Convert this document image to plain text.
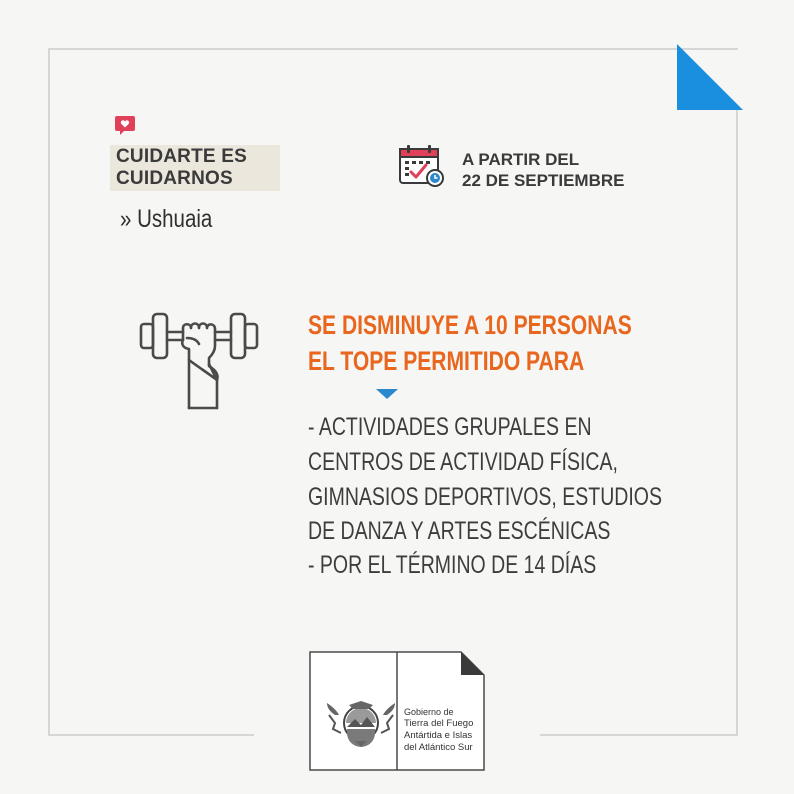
CUIDARTE ES
CUIDARNOS
» Ushuaia
A PARTIR DEL
22 DE SEPTIEMBRE
SE DISMINUYE A 10 PERSONAS
EL TOPE PERMITIDO PARA
- ACTIVIDADES GRUPALES EN
CENTROS DE ACTIVIDAD FÍSICA,
GIMNASIOS DEPORTIVOS, ESTUDIOS
DE DANZA Y ARTES ESCÉNICAS
- POR EL TÉRMINO DE 14 DÍAS
Gobierno de
Tierra del Fuego
Antártida e Islas
del Atlántico Sur
